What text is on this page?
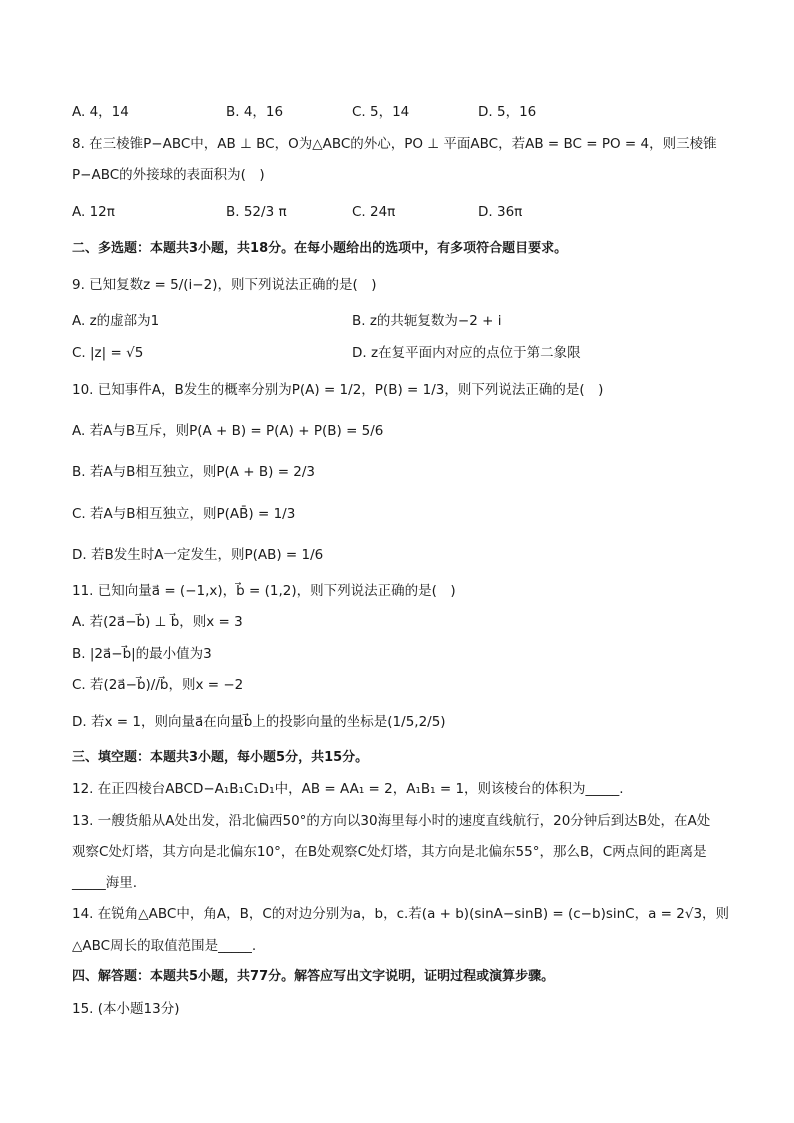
A. 4，14	B. 4，16	C. 5，14	D. 5，16
8. 在三棱锥P−ABC中，AB ⊥ BC，O为△ABC的外心，PO ⊥ 平面ABC，若AB = BC = PO = 4，则三棱锥
P−ABC的外接球的表面积为(　)
A. 12π	B. 52/3 π	C. 24π	D. 36π
二、多选题：本题共3小题，共18分。在每小题给出的选项中，有多项符合题目要求。
9. 已知复数z = 5/(i−2)，则下列说法正确的是(　)
A. z的虚部为1	B. z的共轭复数为−2 + i
C. |z| = √5	D. z在复平面内对应的点位于第二象限
10. 已知事件A，B发生的概率分别为P(A) = 1/2，P(B) = 1/3，则下列说法正确的是(　)
A. 若A与B互斥，则P(A + B) = P(A) + P(B) = 5/6
B. 若A与B相互独立，则P(A + B) = 2/3
C. 若A与B相互独立，则P(AB̄) = 1/3
D. 若B发生时A一定发生，则P(AB) = 1/6
11. 已知向量a⃗ = (−1,x)，b⃗ = (1,2)，则下列说法正确的是(　)
A. 若(2a⃗−b⃗) ⊥ b⃗，则x = 3
B. |2a⃗−b⃗|的最小值为3
C. 若(2a⃗−b⃗)//b⃗，则x = −2
D. 若x = 1，则向量a⃗在向量b⃗上的投影向量的坐标是(1/5,2/5)
三、填空题：本题共3小题，每小题5分，共15分。
12. 在正四棱台ABCD−A₁B₁C₁D₁中，AB = AA₁ = 2，A₁B₁ = 1，则该棱台的体积为_____.
13. 一艘货船从A处出发，沿北偏西50°的方向以30海里每小时的速度直线航行，20分钟后到达B处，在A处
观察C处灯塔，其方向是北偏东10°，在B处观察C处灯塔，其方向是北偏东55°，那么B，C两点间的距离是
_____海里.
14. 在锐角△ABC中，角A，B，C的对边分别为a，b，c.若(a + b)(sinA−sinB) = (c−b)sinC，a = 2√3，则
△ABC周长的取值范围是_____.
四、解答题：本题共5小题，共77分。解答应写出文字说明，证明过程或演算步骤。
15. (本小题13分)
